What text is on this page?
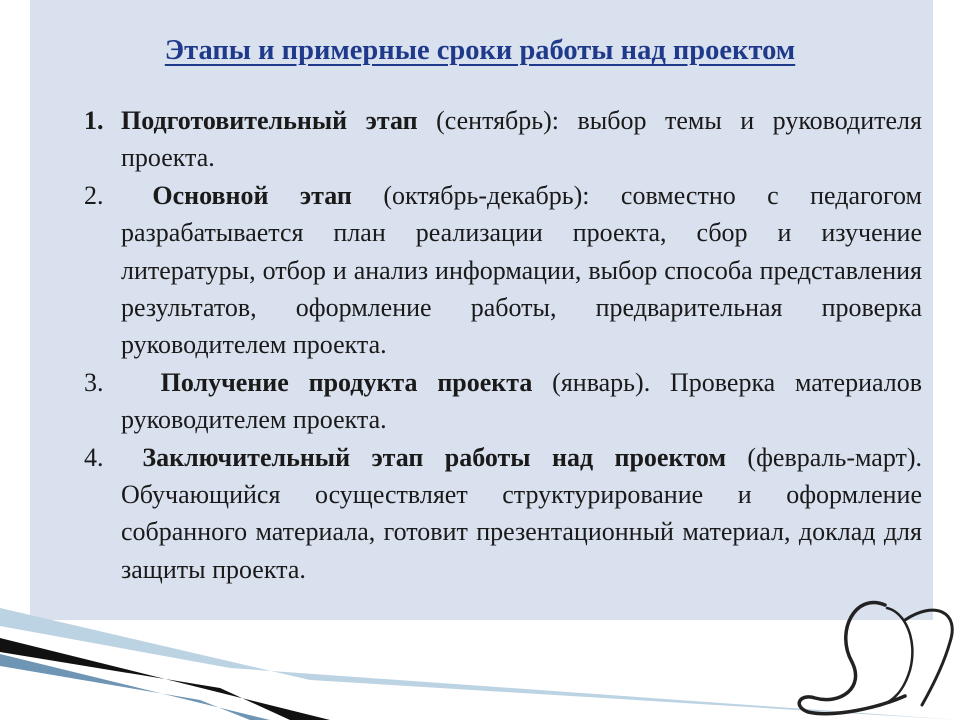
Этапы и примерные сроки работы над проектом
1. Подготовительный этап (сентябрь): выбор темы и руководителя проекта.
2. Основной этап (октябрь-декабрь): совместно с педагогом разрабатывается план реализации проекта, сбор и изучение литературы, отбор и анализ информации, выбор способа представления результатов, оформление работы, предварительная проверка руководителем проекта.
3. Получение продукта проекта (январь). Проверка материалов руководителем проекта.
4. Заключительный этап работы над проектом (февраль-март). Обучающийся осуществляет структурирование и оформление собранного материала, готовит презентационный материал, доклад для защиты проекта.
